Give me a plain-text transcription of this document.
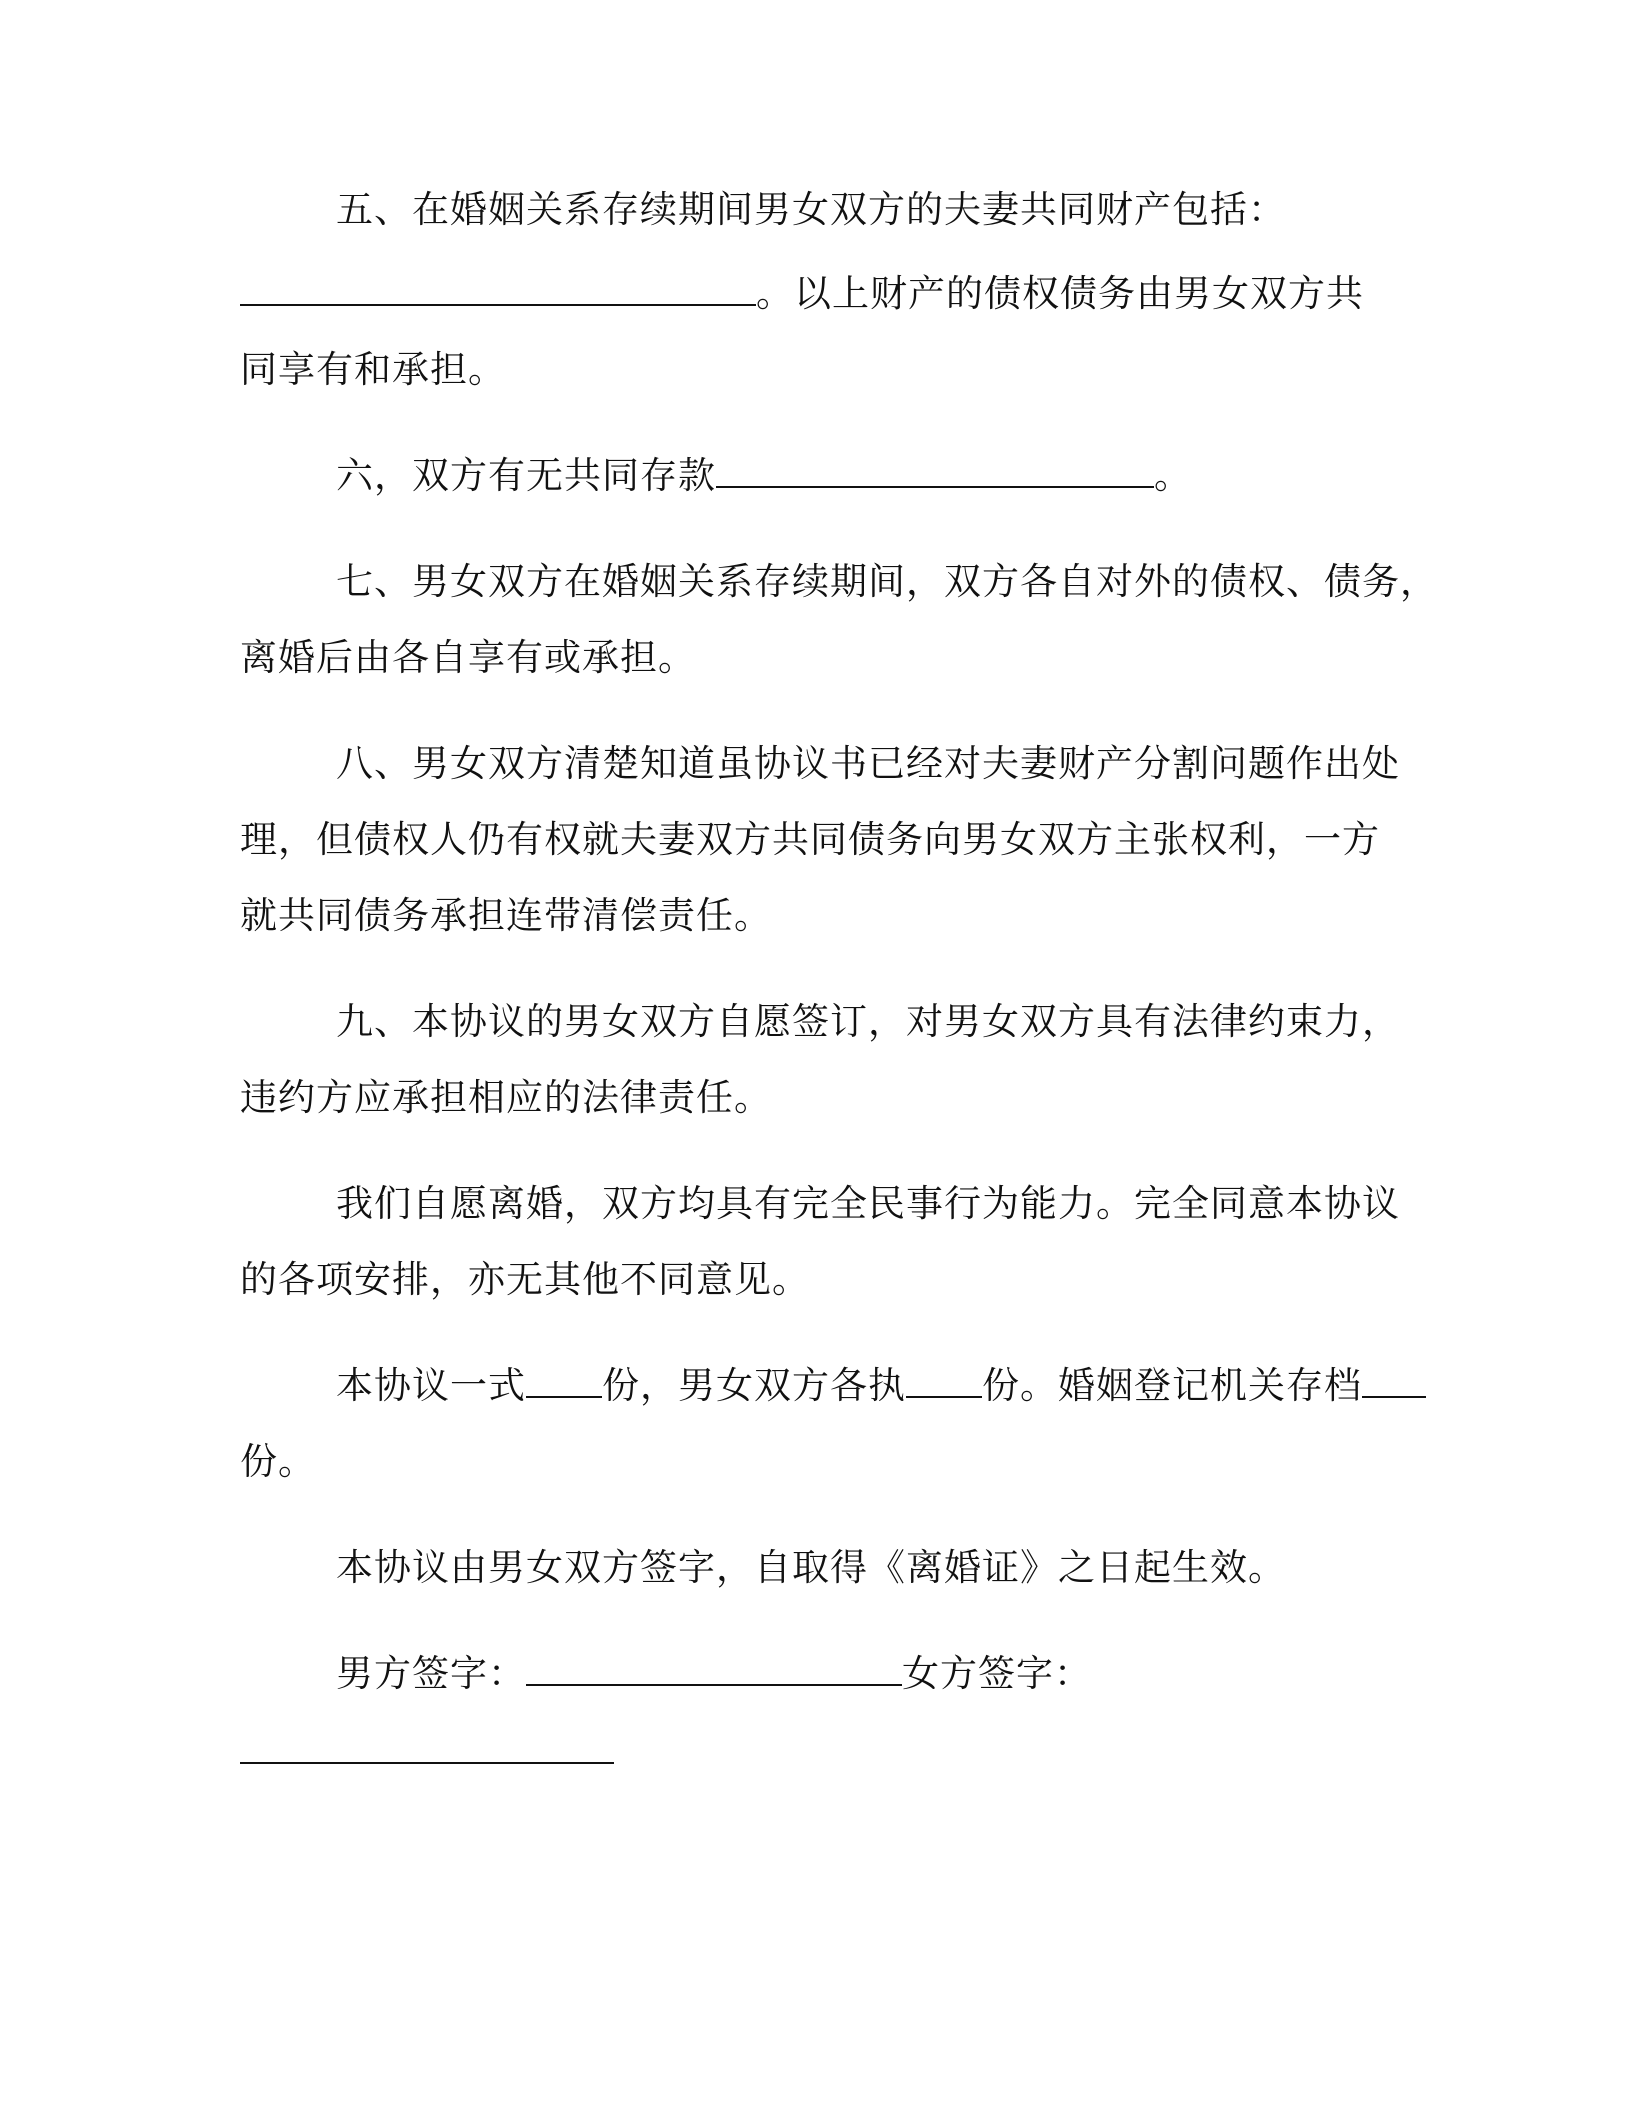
五、在婚姻关系存续期间男女双方的夫妻共同财产包括：
。以上财产的债权债务由男女双方共
同享有和承担。
六，双方有无共同存款	。
七、男女双方在婚姻关系存续期间，双方各自对外的债权、债务，
离婚后由各自享有或承担。
八、男女双方清楚知道虽协议书已经对夫妻财产分割问题作出处
理，但债权人仍有权就夫妻双方共同债务向男女双方主张权利，一方
就共同债务承担连带清偿责任。
九、本协议的男女双方自愿签订，对男女双方具有法律约束力，
违约方应承担相应的法律责任。
我们自愿离婚，双方均具有完全民事行为能力。完全同意本协议
的各项安排，亦无其他不同意见。
本协议一式 份，男女双方各执 份。婚姻登记机关存档
份。
本协议由男女双方签字，自取得《离婚证》之日起生效。
男方签字：	女方签字：
